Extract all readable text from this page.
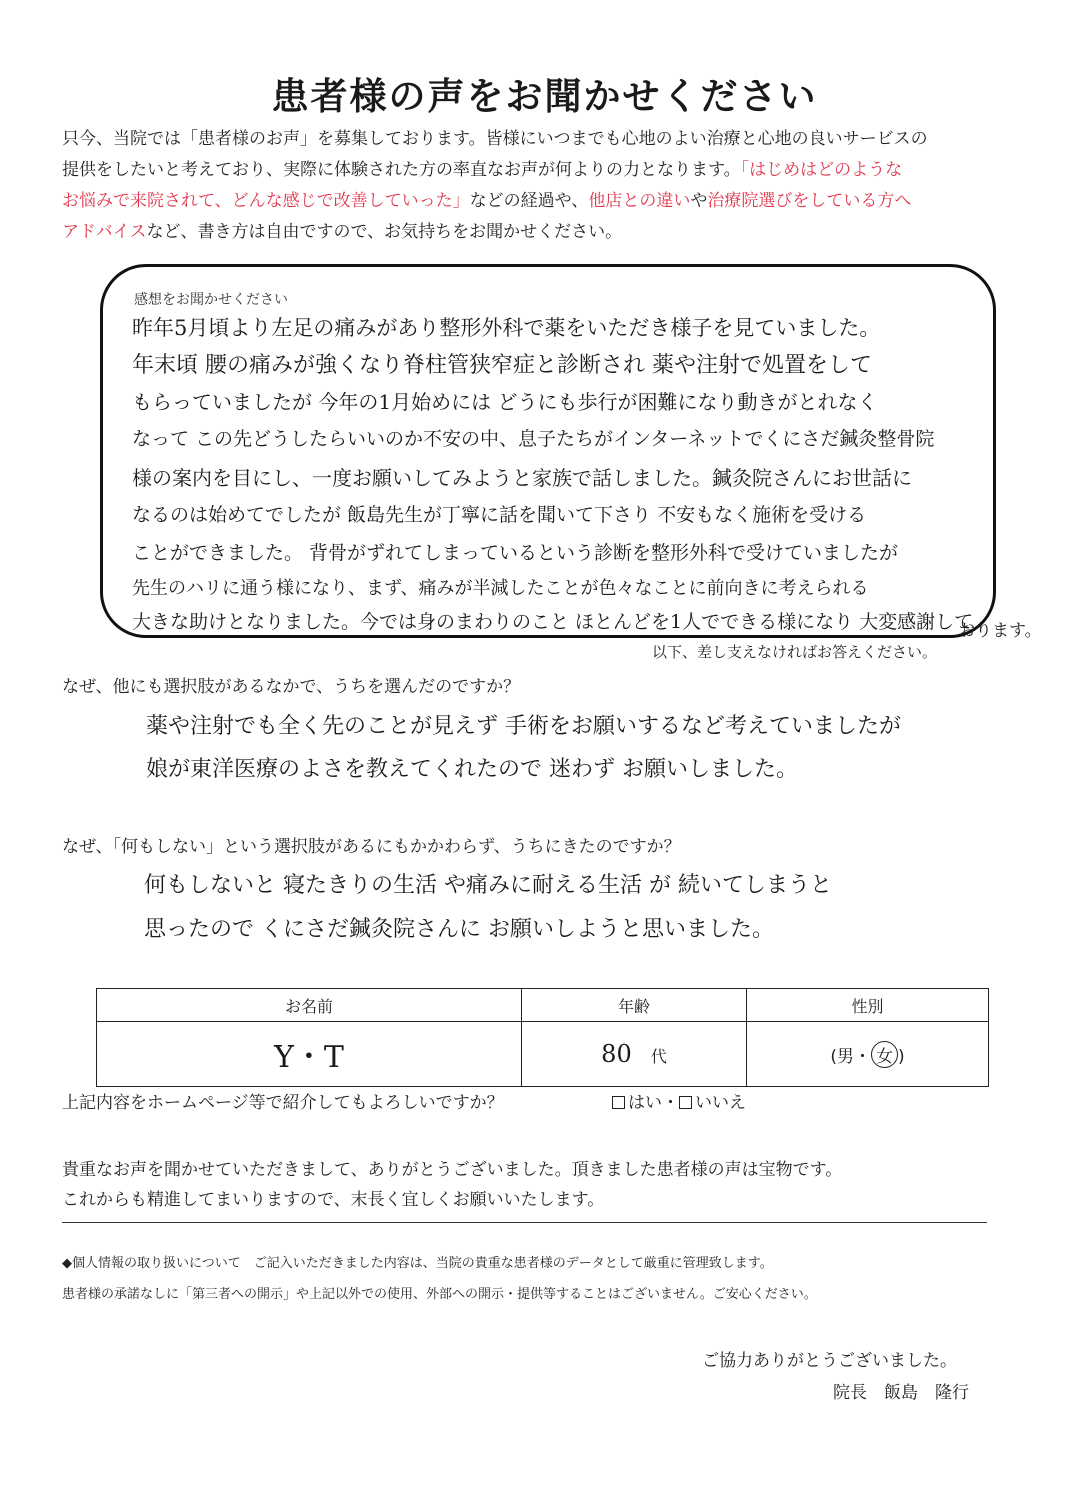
患者様の声をお聞かせください
只今、当院では「患者様のお声」を募集しております。皆様にいつまでも心地のよい治療と心地の良いサービスの
提供をしたいと考えており、実際に体験された方の率直なお声が何よりの力となります。「はじめはどのような
お悩みで来院されて、どんな感じで改善していった」などの経過や、他店との違いや治療院選びをしている方へ
アドバイスなど、書き方は自由ですので、お気持ちをお聞かせください。
感想をお聞かせください
昨年5月頃より左足の痛みがあり整形外科で薬をいただき様子を見ていました。
年末頃 腰の痛みが強くなり脊柱管狭窄症と診断され 薬や注射で処置をして
もらっていましたが 今年の1月始めには どうにも歩行が困難になり動きがとれなく
なって この先どうしたらいいのか不安の中、息子たちがインターネットでくにさだ鍼灸整骨院
様の案内を目にし、一度お願いしてみようと家族で話しました。鍼灸院さんにお世話に
なるのは始めてでしたが 飯島先生が丁寧に話を聞いて下さり 不安もなく施術を受ける
ことができました。 背骨がずれてしまっているという診断を整形外科で受けていましたが
先生のハリに通う様になり、まず、痛みが半減したことが色々なことに前向きに考えられる
大きな助けとなりました。今では身のまわりのこと ほとんどを1人でできる様になり 大変感謝して
おります。
以下、差し支えなければお答えください。
なぜ、他にも選択肢があるなかで、うちを選んだのですか？
薬や注射でも全く先のことが見えず 手術をお願いするなど考えていましたが
娘が東洋医療のよさを教えてくれたので 迷わず お願いしました。
なぜ、「何もしない」という選択肢があるにもかかわらず、うちにきたのですか？
何もしないと 寝たきりの生活 や痛みに耐える生活 が 続いてしまうと
思ったので くにさだ鍼灸院さんに お願いしようと思いました。
お名前	年齢	性別
Y・T	80 代	(男・ 女 )
上記内容をホームページ等で紹介してもよろしいですか？	はい・ いいえ
貴重なお声を聞かせていただきまして、ありがとうございました。頂きました患者様の声は宝物です。
これからも精進してまいりますので、末長く宜しくお願いいたします。
◆個人情報の取り扱いについて　ご記入いただきました内容は、当院の貴重な患者様のデータとして厳重に管理致します。
患者様の承諾なしに「第三者への開示」や上記以外での使用、外部への開示・提供等することはございません。ご安心ください。
ご協力ありがとうございました。
院長　飯島　隆行
